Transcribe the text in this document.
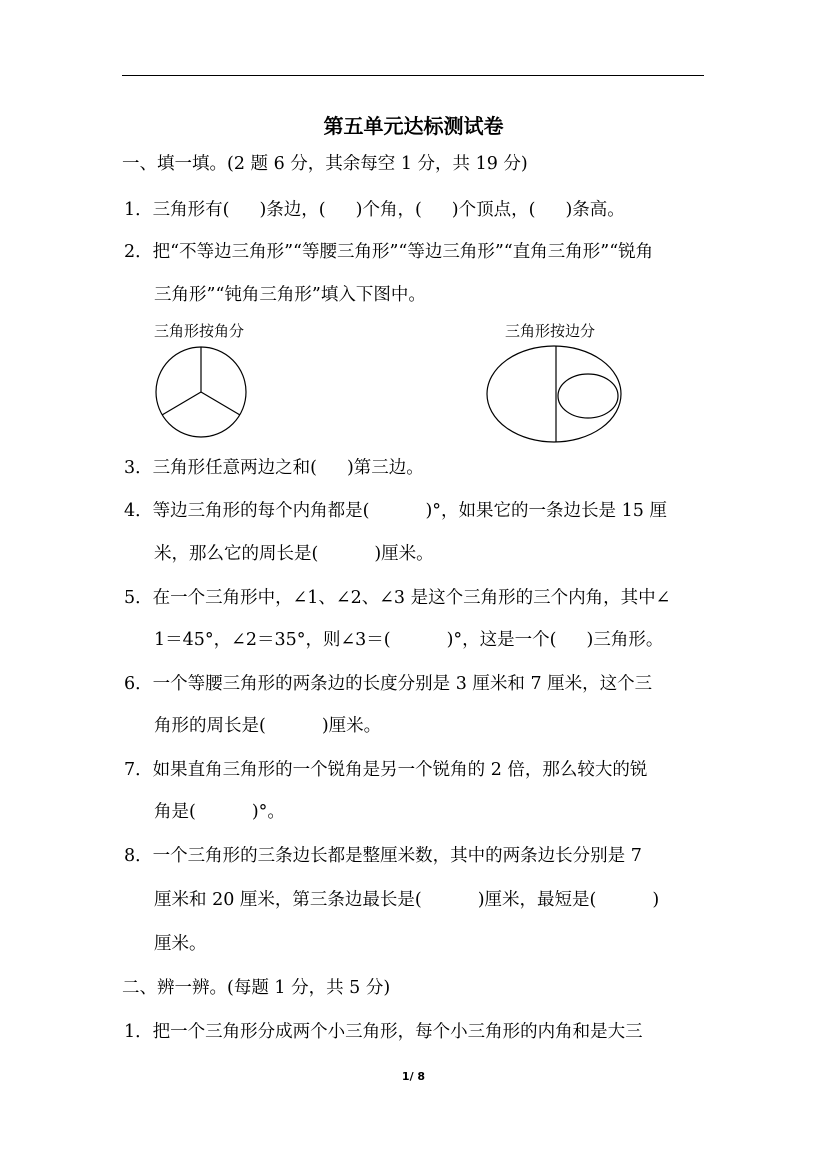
第五单元达标测试卷
一、填一填。(2 题 6 分，其余每空 1 分，共 19 分)
1．三角形有( )条边，( )个角，( )个顶点，( )条高。
2．把“不等边三角形”“等腰三角形”“等边三角形”“直角三角形”“锐角
三角形”“钝角三角形”填入下图中。
三角形按角分	三角形按边分
3．三角形任意两边之和( )第三边。
4．等边三角形的每个内角都是(	)°，如果它的一条边长是 15 厘
米，那么它的周长是(	)厘米。
5．在一个三角形中，∠1、∠2、∠3 是这个三角形的三个内角，其中∠
1＝45°，∠2＝35°，则∠3＝(	)°，这是一个( )三角形。
6．一个等腰三角形的两条边的长度分别是 3 厘米和 7 厘米，这个三
角形的周长是(	)厘米。
7．如果直角三角形的一个锐角是另一个锐角的 2 倍，那么较大的锐
角是(	)°。
8．一个三角形的三条边长都是整厘米数，其中的两条边长分别是 7
厘米和 20 厘米，第三条边最长是(	)厘米，最短是(	)
厘米。
二、辨一辨。(每题 1 分，共 5 分)
1．把一个三角形分成两个小三角形，每个小三角形的内角和是大三
1/ 8
